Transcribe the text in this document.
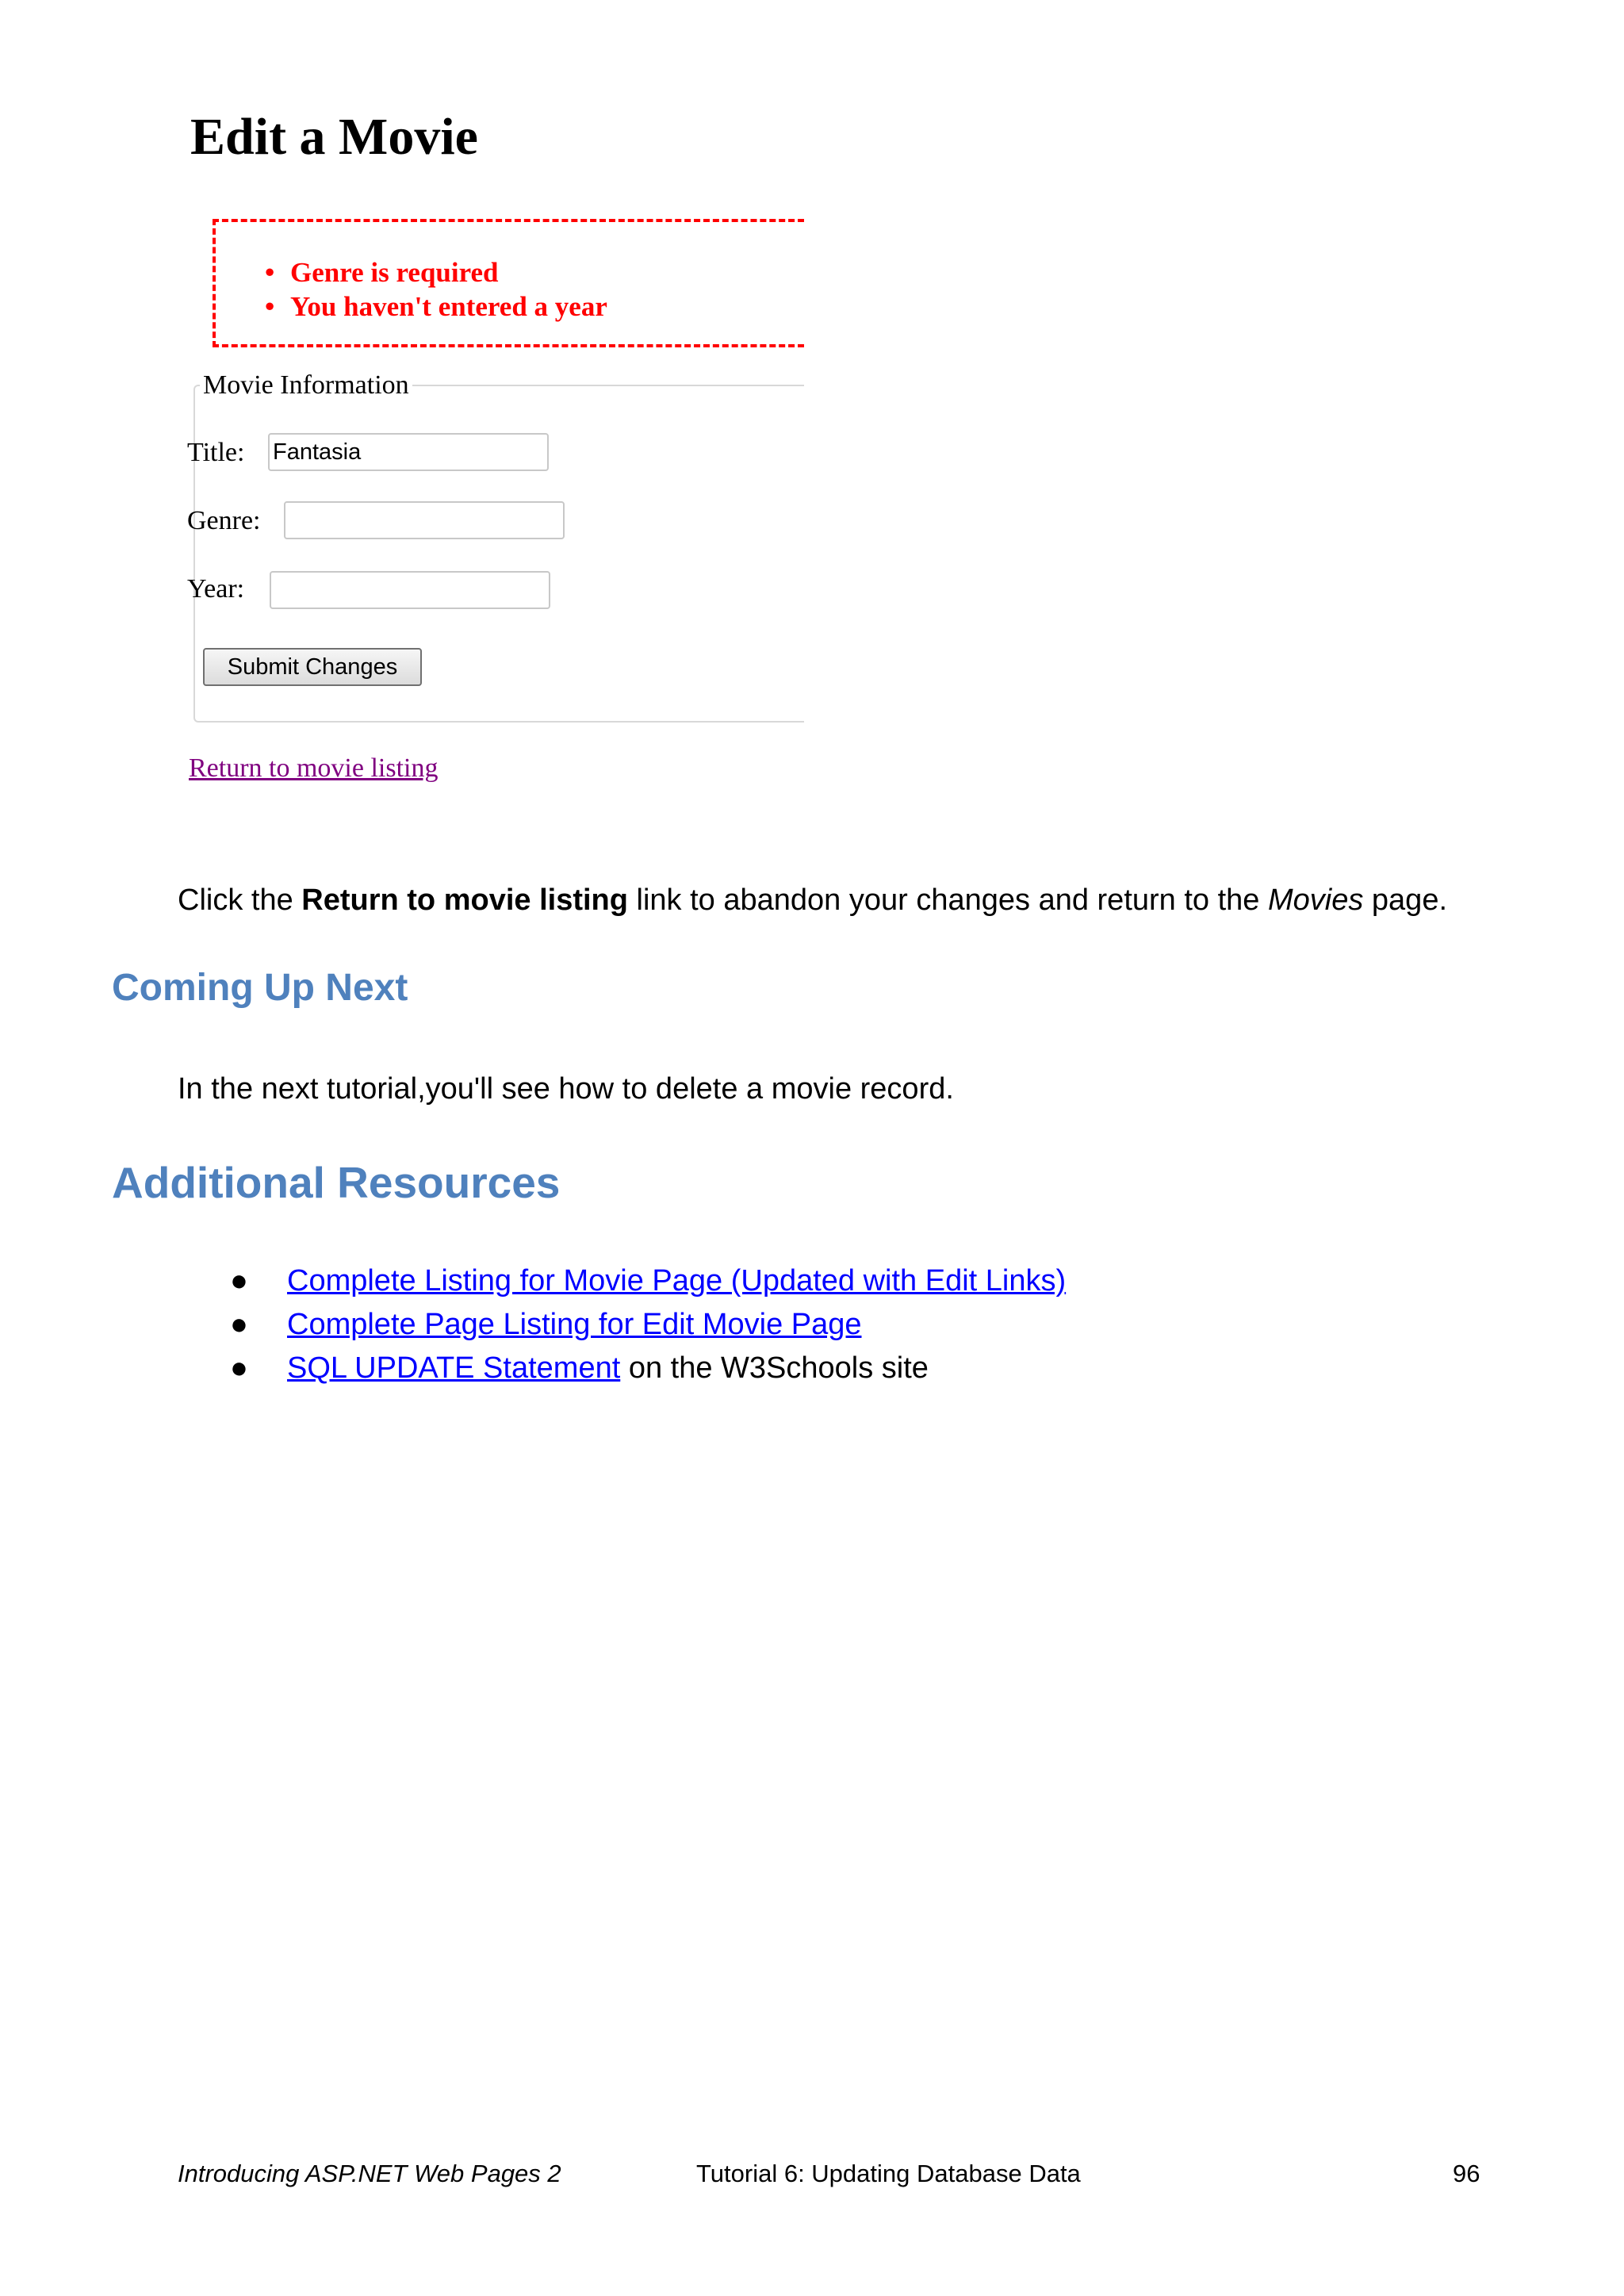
Edit a Movie
• Genre is required
• You haven't entered a year
Movie Information
Title: Fantasia
Genre:
Year:
Submit Changes
Return to movie listing

Click the Return to movie listing link to abandon your changes and return to the Movies page.

Coming Up Next

In the next tutorial,you'll see how to delete a movie record.

Additional Resources
● Complete Listing for Movie Page (Updated with Edit Links)
● Complete Page Listing for Edit Movie Page
● SQL UPDATE Statement on the W3Schools site
Introducing ASP.NET Web Pages 2	Tutorial 6: Updating Database Data	96
